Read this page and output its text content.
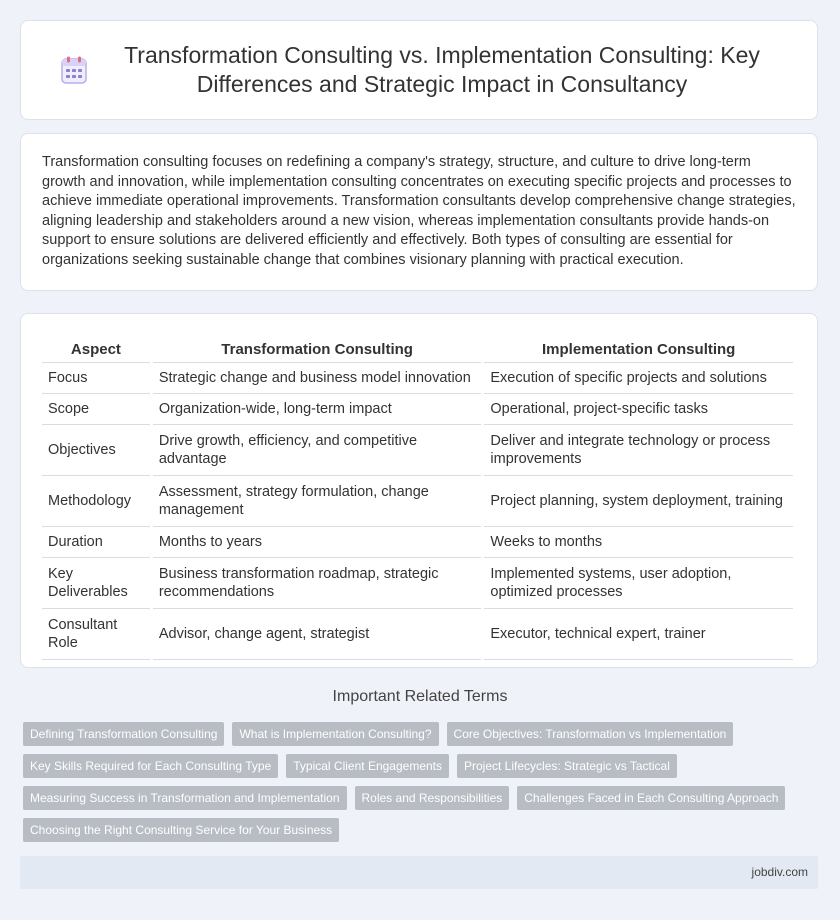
Transformation Consulting vs. Implementation Consulting: Key Differences and Strategic Impact in Consultancy

Transformation consulting focuses on redefining a company's strategy, structure, and culture to drive long-term growth and innovation, while implementation consulting concentrates on executing specific projects and processes to achieve immediate operational improvements. Transformation consultants develop comprehensive change strategies, aligning leadership and stakeholders around a new vision, whereas implementation consultants provide hands-on support to ensure solutions are delivered efficiently and effectively. Both types of consulting are essential for organizations seeking sustainable change that combines visionary planning with practical execution.

Aspect	Transformation Consulting	Implementation Consulting
Focus	Strategic change and business model innovation	Execution of specific projects and solutions
Scope	Organization-wide, long-term impact	Operational, project-specific tasks
Objectives	Drive growth, efficiency, and competitive advantage	Deliver and integrate technology or process improvements
Methodology	Assessment, strategy formulation, change management	Project planning, system deployment, training
Duration	Months to years	Weeks to months
Key Deliverables	Business transformation roadmap, strategic recommendations	Implemented systems, user adoption, optimized processes
Consultant Role	Advisor, change agent, strategist	Executor, technical expert, trainer
Important Related Terms
Defining Transformation Consulting	What is Implementation Consulting?	Core Objectives: Transformation vs Implementation
Key Skills Required for Each Consulting Type	Typical Client Engagements	Project Lifecycles: Strategic vs Tactical
Measuring Success in Transformation and Implementation	Roles and Responsibilities	Challenges Faced in Each Consulting Approach
Choosing the Right Consulting Service for Your Business
jobdiv.com
